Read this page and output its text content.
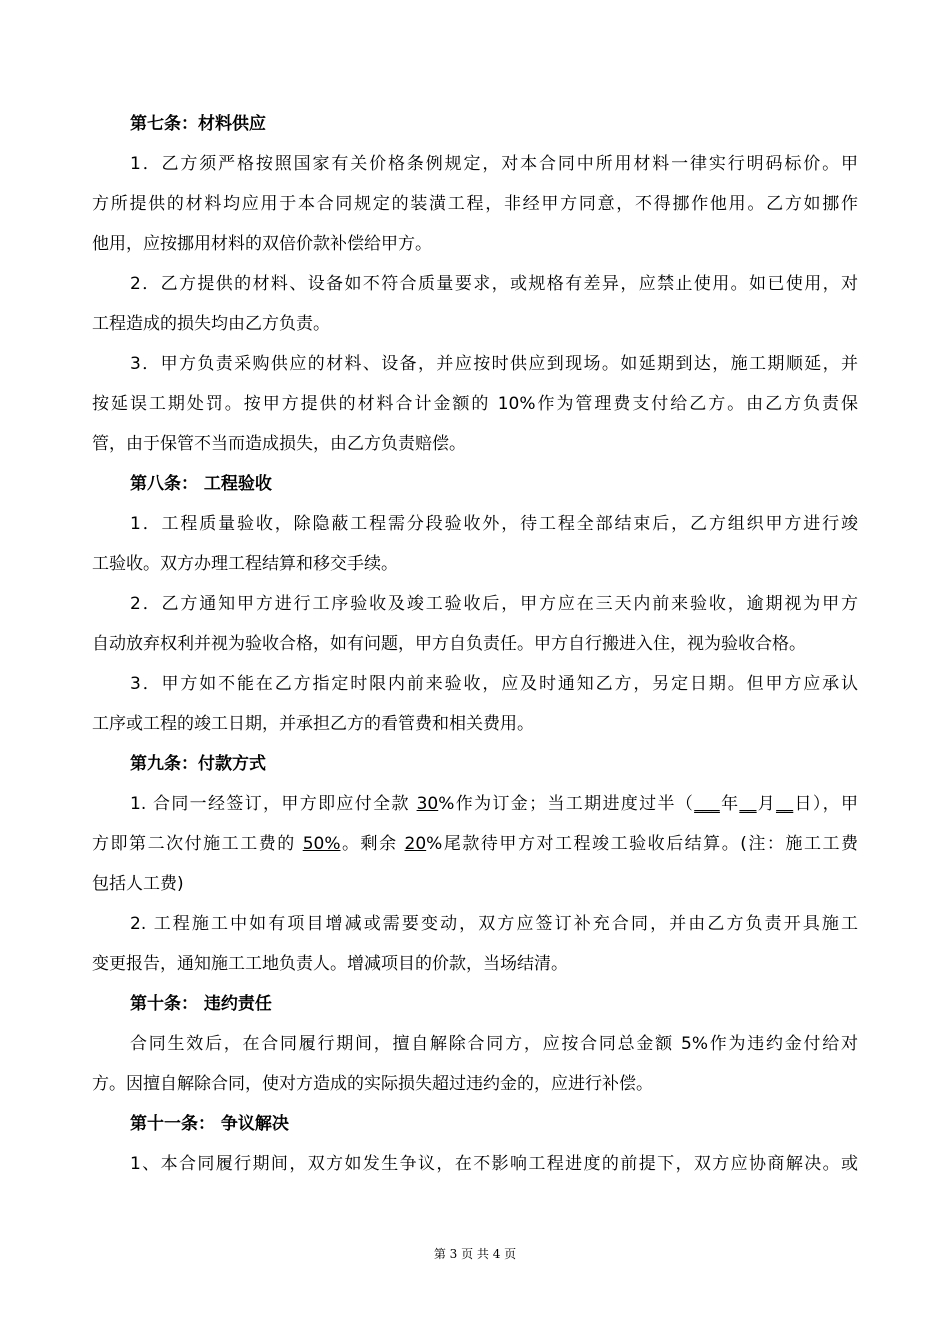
第七条：材料供应
1．乙方须严格按照国家有关价格条例规定，对本合同中所用材料一律实行明码标价。甲
方所提供的材料均应用于本合同规定的装潢工程，非经甲方同意，不得挪作他用。乙方如挪作
他用，应按挪用材料的双倍价款补偿给甲方。
2．乙方提供的材料、设备如不符合质量要求，或规格有差异，应禁止使用。如已使用，对
工程造成的损失均由乙方负责。
3．甲方负责采购供应的材料、设备，并应按时供应到现场。如延期到达，施工期顺延，并
按延误工期处罚。按甲方提供的材料合计金额的 10%作为管理费支付给乙方。由乙方负责保
管，由于保管不当而造成损失，由乙方负责赔偿。
第八条： 工程验收
1．工程质量验收，除隐蔽工程需分段验收外，待工程全部结束后，乙方组织甲方进行竣
工验收。双方办理工程结算和移交手续。
2．乙方通知甲方进行工序验收及竣工验收后，甲方应在三天内前来验收，逾期视为甲方
自动放弃权利并视为验收合格，如有问题，甲方自负责任。甲方自行搬进入住，视为验收合格。
3．甲方如不能在乙方指定时限内前来验收，应及时通知乙方，另定日期。但甲方应承认
工序或工程的竣工日期，并承担乙方的看管费和相关费用。
第九条：付款方式
1. 合同一经签订，甲方即应付全款 30%作为订金；当工期进度过半（___年__月__日），甲
方即第二次付施工工费的 50%。剩余 20%尾款待甲方对工程竣工验收后结算。(注：施工工费
包括人工费)
2. 工程施工中如有项目增减或需要变动，双方应签订补充合同，并由乙方负责开具施工
变更报告，通知施工工地负责人。增减项目的价款，当场结清。
第十条： 违约责任
合同生效后，在合同履行期间，擅自解除合同方，应按合同总金额 5%作为违约金付给对
方。因擅自解除合同，使对方造成的实际损失超过违约金的，应进行补偿。
第十一条： 争议解决
1、本合同履行期间，双方如发生争议，在不影响工程进度的前提下，双方应协商解决。或
第 3 页 共 4 页
